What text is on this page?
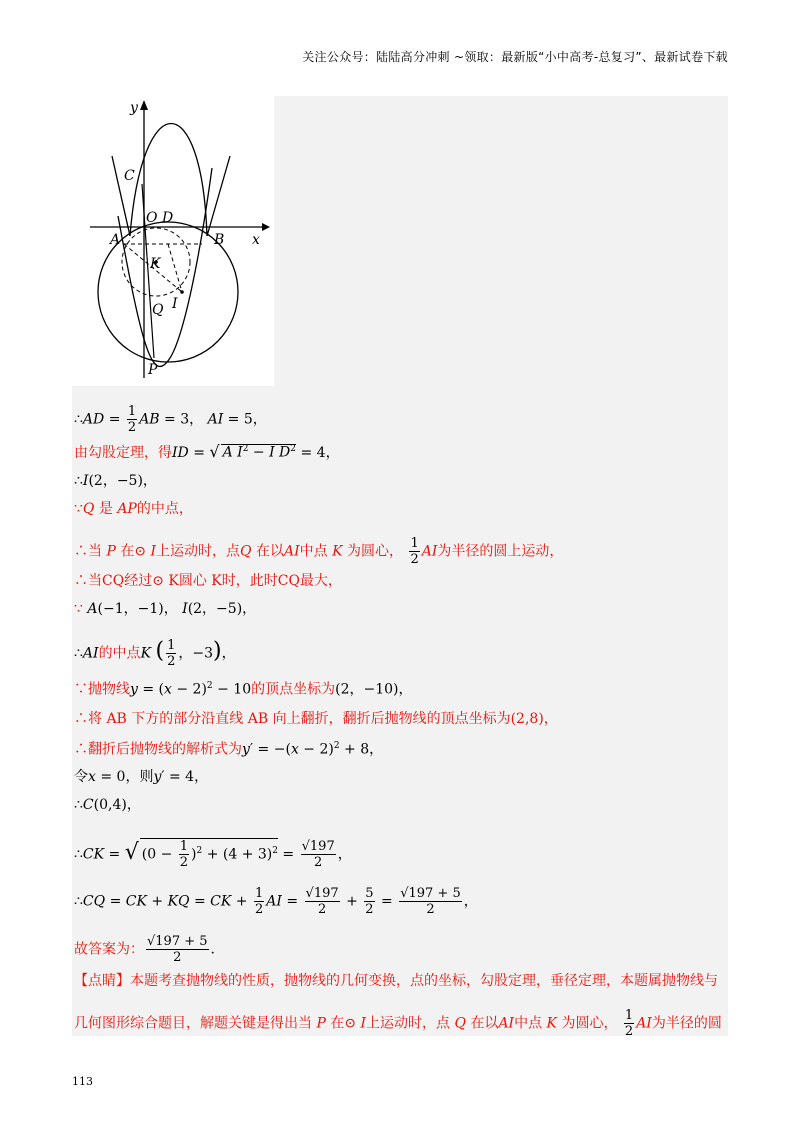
关注公众号：陆陆高分冲刺 ~领取：最新版“小中高考-总复习”、最新试卷下载
y
x
C
O D
A	B
K
Q I
P
∴AD = $\frac{1}{2}$ AB = 3， AI = 5，
由勾股定理，得ID = √ A $I^2 - I$ $D^2 = 4$，
∴I(2，−5)，
∵Q 是 AP的中点，
∴当 P 在⊙ I上运动时，点Q 在以AI中点 K 为圆心， $\frac{1}{2}$ AI为半径的圆上运动，
∴当CQ经过⊙ K圆心 K时，此时CQ最大，
∵ A(−1，−1)， I(2，−5)，
∴AI的中点K ( $\frac{1}{2}$ ，−3)，
∵抛物线$y = (x - 2)^2 - 10$的顶点坐标为(2，−10)，
∴将 AB 下方的部分沿直线 AB 向上翻折，翻折后抛物线的顶点坐标为(2,8)，
∴翻折后抛物线的解析式为$y' = -(x - 2)^2 + 8$，
令x = 0，则y′ = 4，
∴C(0,4)，
∴CK = √ $(0 - \frac{1}{2} )^2 + (4 + 3)^2 = \frac{√197}{2}$ ，
∴CQ = CK + KQ = CK + $\frac{1}{2}$ AI = $\frac{√197}{2} + \frac{5}{2} = \frac{√197 + 5}{2}$ ，
故答案为： $\frac{√197 + 5}{2}$ .
【点睛】本题考查抛物线的性质，抛物线的几何变换，点的坐标，勾股定理，垂径定理，本题属抛物线与
几何图形综合题目，解题关键是得出当 P 在⊙ I上运动时，点 Q 在以AI中点 K 为圆心， $\frac{1}{2}$ AI为半径的圆
113
